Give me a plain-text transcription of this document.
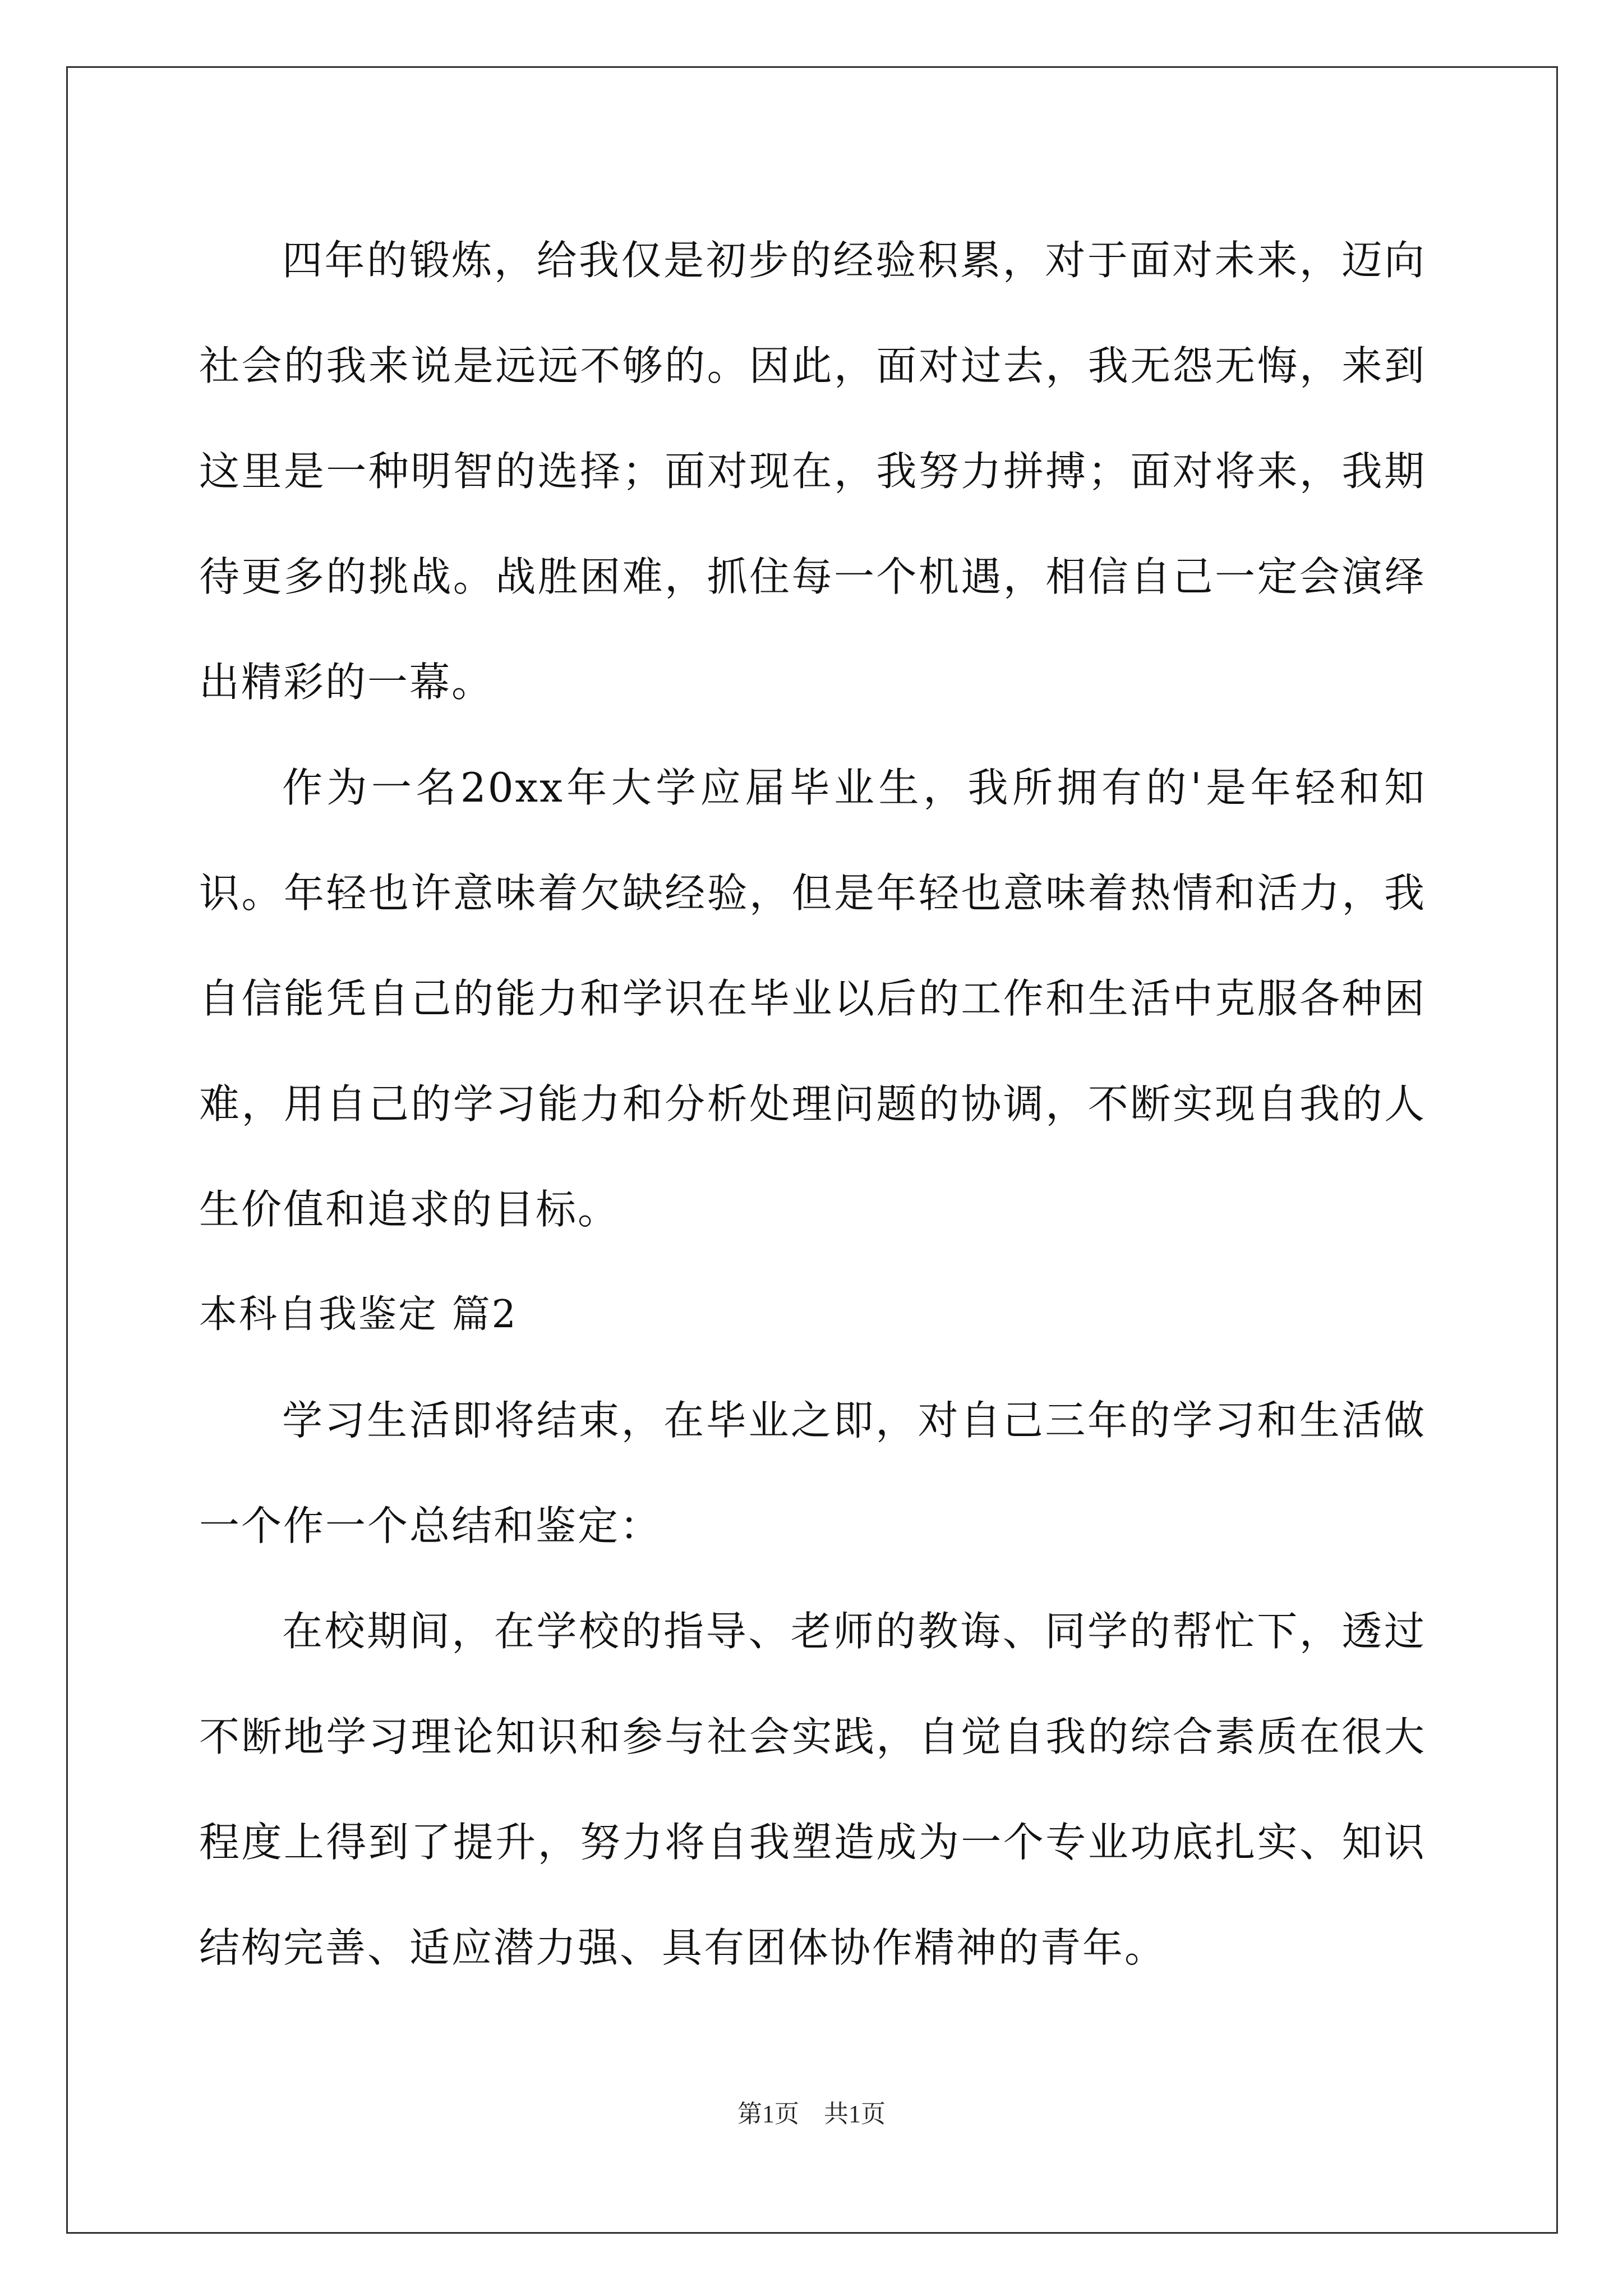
四年的锻炼，给我仅是初步的经验积累，对于面对未来，迈向社会的我来说是远远不够的。因此，面对过去，我无怨无悔，来到这里是一种明智的选择；面对现在，我努力拼搏；面对将来，我期待更多的挑战。战胜困难，抓住每一个机遇，相信自己一定会演绎出精彩的一幕。

作为一名20xx年大学应届毕业生，我所拥有的'是年轻和知识。年轻也许意味着欠缺经验，但是年轻也意味着热情和活力，我自信能凭自己的能力和学识在毕业以后的工作和生活中克服各种困难，用自己的学习能力和分析处理问题的协调，不断实现自我的人生价值和追求的目标。

本科自我鉴定 篇2

学习生活即将结束，在毕业之即，对自己三年的学习和生活做一个作一个总结和鉴定：

在校期间，在学校的指导、老师的教诲、同学的帮忙下，透过不断地学习理论知识和参与社会实践，自觉自我的综合素质在很大程度上得到了提升，努力将自我塑造成为一个专业功底扎实、知识结构完善、适应潜力强、具有团体协作精神的青年。

第1页 共1页
